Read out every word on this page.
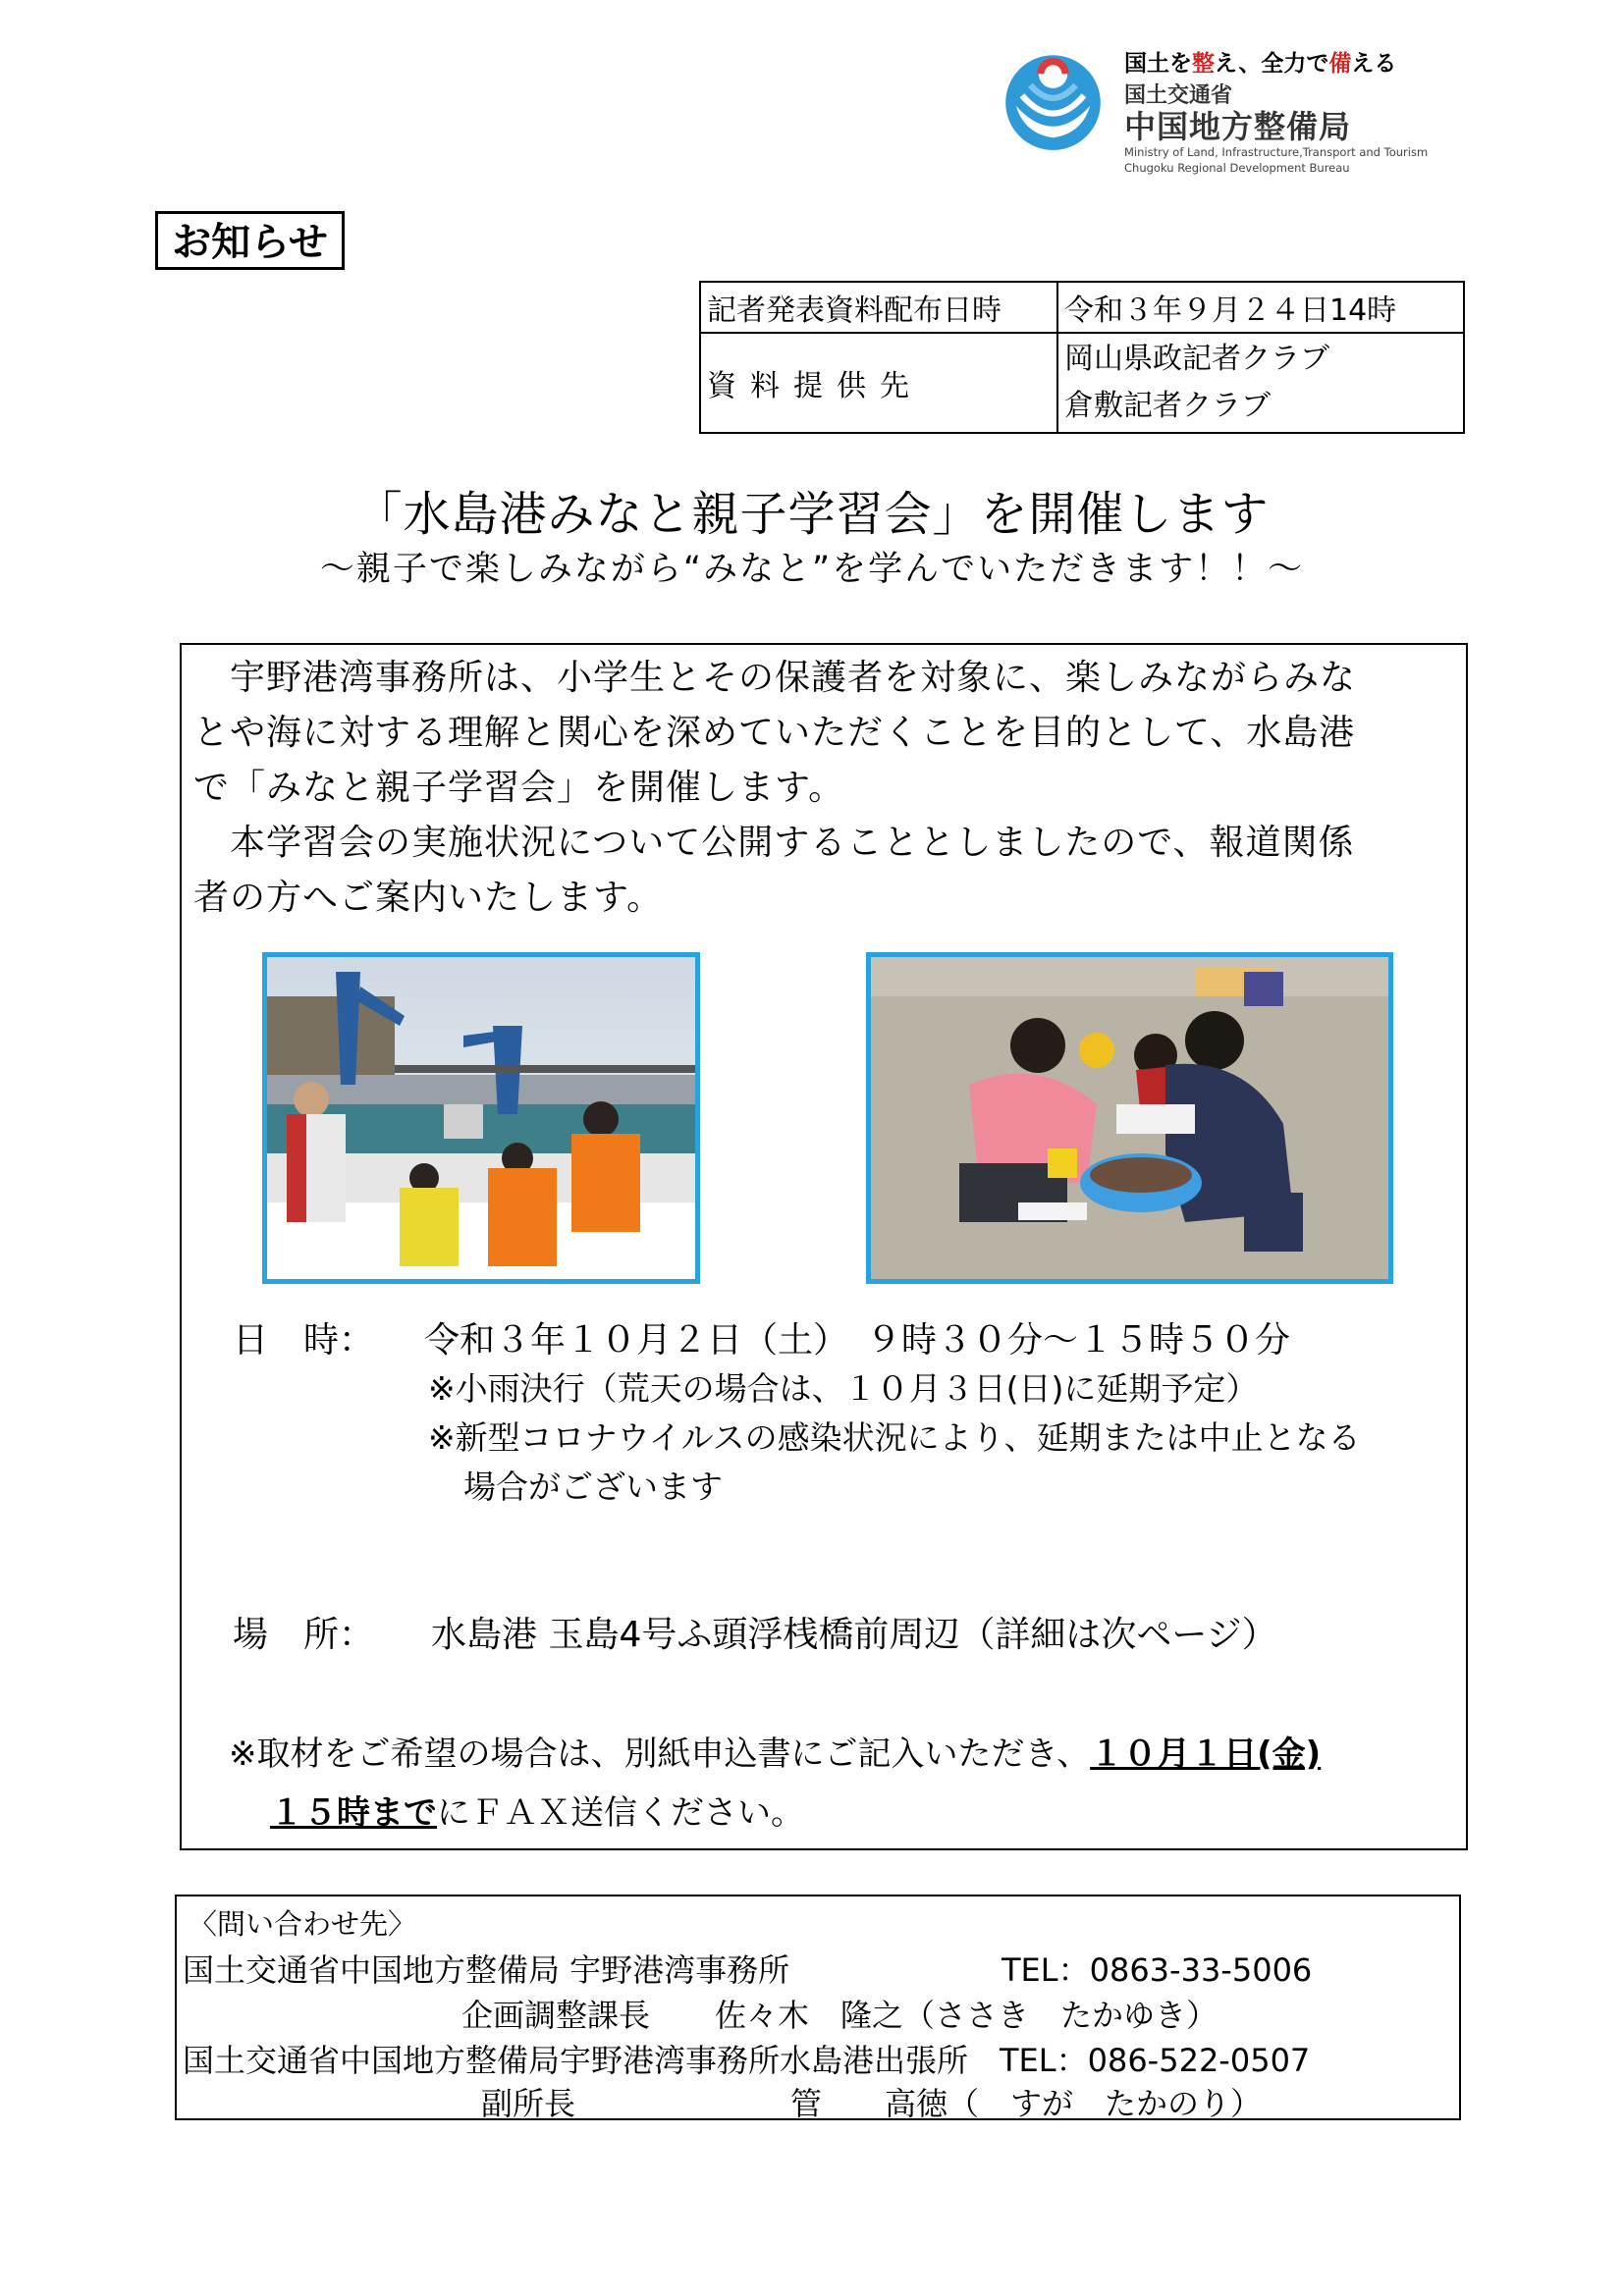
国土を整え、全力で備える
国土交通省
中国地方整備局
Ministry of Land, Infrastructure,Transport and Tourism
Chugoku Regional Development Bureau
お知らせ
記者発表資料配布日時	令和３年９月２４日14時
資料提供先	岡山県政記者クラブ
倉敷記者クラブ
「水島港みなと親子学習会」を開催します
～親子で楽しみながら“みなと”を学んでいただきます！！～
　宇野港湾事務所は、小学生とその保護者を対象に、楽しみながらみな
とや海に対する理解と関心を深めていただくことを目的として、水島港
で「みなと親子学習会」を開催します。
　本学習会の実施状況について公開することとしましたので、報道関係
者の方へご案内いたします。
日　時： 令和３年１０月２日（土）　９時３０分～１５時５０分
※小雨決行（荒天の場合は、１０月３日(日)に延期予定）
※新型コロナウイルスの感染状況により、延期または中止となる
場合がございます
場　所： 水島港 玉島4号ふ頭浮桟橋前周辺（詳細は次ページ）
※取材をご希望の場合は、別紙申込書にご記入いただき、１０月１日(金)
１５時までにＦＡＸ送信ください。
〈問い合わせ先〉
国土交通省中国地方整備局 宇野港湾事務所	TEL：0863-33-5006
企画調整課長 佐々木　隆之（ささき　たかゆき）
国土交通省中国地方整備局宇野港湾事務所水島港出張所 TEL：086-522-0507
副所長	管　　高徳（　すが　たかのり）
